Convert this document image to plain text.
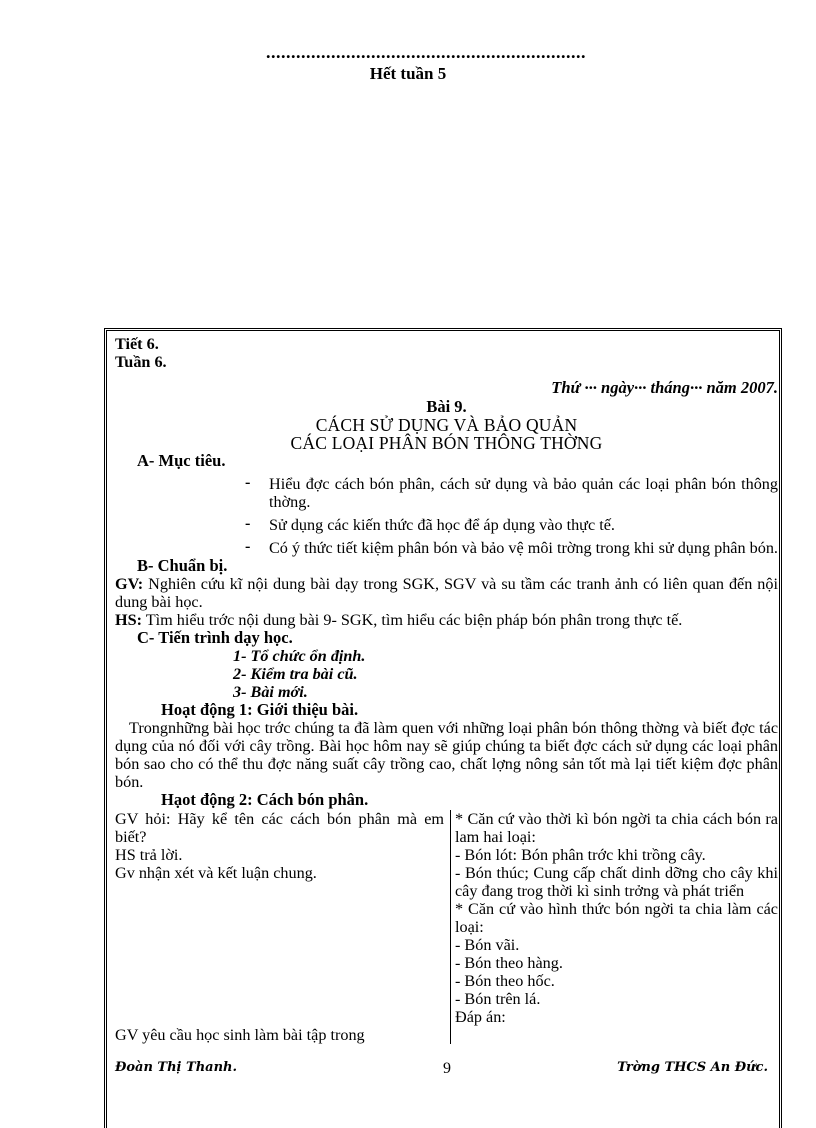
................................................................
Hết tuần 5
Tiết 6.
Tuần 6.
Thứ ··· ngày··· tháng··· năm 2007.
Bài 9.
CÁCH SỬ DỤNG VÀ BẢO QUẢN
CÁC LOẠI PHÂN BÓN THÔNG THỜNG
A- Mục tiêu.
- Hiểu đợc cách bón phân, cách sử dụng và bảo quản các loại phân bón thông thờng.
- Sử dụng các kiến thức đã học để áp dụng vào thực tế.
- Có ý thức tiết kiệm phân bón và bảo vệ môi trờng trong khi sử dụng phân bón.
B- Chuẩn bị.
GV: Nghiên cứu kĩ nội dung bài dạy trong SGK, SGV và su tầm các tranh ảnh có liên quan đến nội dung bài học.
HS: Tìm hiểu trớc nội dung bài 9- SGK, tìm hiểu các biện pháp bón phân trong thực tế.
C- Tiến trình dạy học.
1- Tổ chức ổn định.
2- Kiểm tra bài cũ.
3- Bài mới.
Hoạt động 1: Giới thiệu bài.
Trongnhững bài học trớc chúng ta đã làm quen với những loại phân bón thông thờng và biết đợc tác dụng của nó đối với cây trồng. Bài học hôm nay sẽ giúp chúng ta biết đợc cách sử dụng các loại phân bón sao cho có thể thu đợc năng suất cây trồng cao, chất lợng nông sản tốt mà lại tiết kiệm đợc phân bón.
Hạot động 2: Cách bón phân.
GV hỏi: Hãy kể tên các cách bón phân mà em biết?
HS trả lời.
Gv nhận xét và kết luận chung.
GV yêu cầu học sinh làm bài tập trong
* Căn cứ vào thời kì bón ngời ta chia cách bón ra lam hai loại:
- Bón lót: Bón phân trớc khi trồng cây.
- Bón thúc; Cung cấp chất dinh dỡng cho cây khi cây đang trog thời kì sinh trởng và phát triển
* Căn cứ vào hình thức bón ngời ta chia làm các loại:
- Bón vãi.
- Bón theo hàng.
- Bón theo hốc.
- Bón trên lá.
Đáp án:
Đoàn Thị Thanh.	9	Trờng THCS An Đức.
